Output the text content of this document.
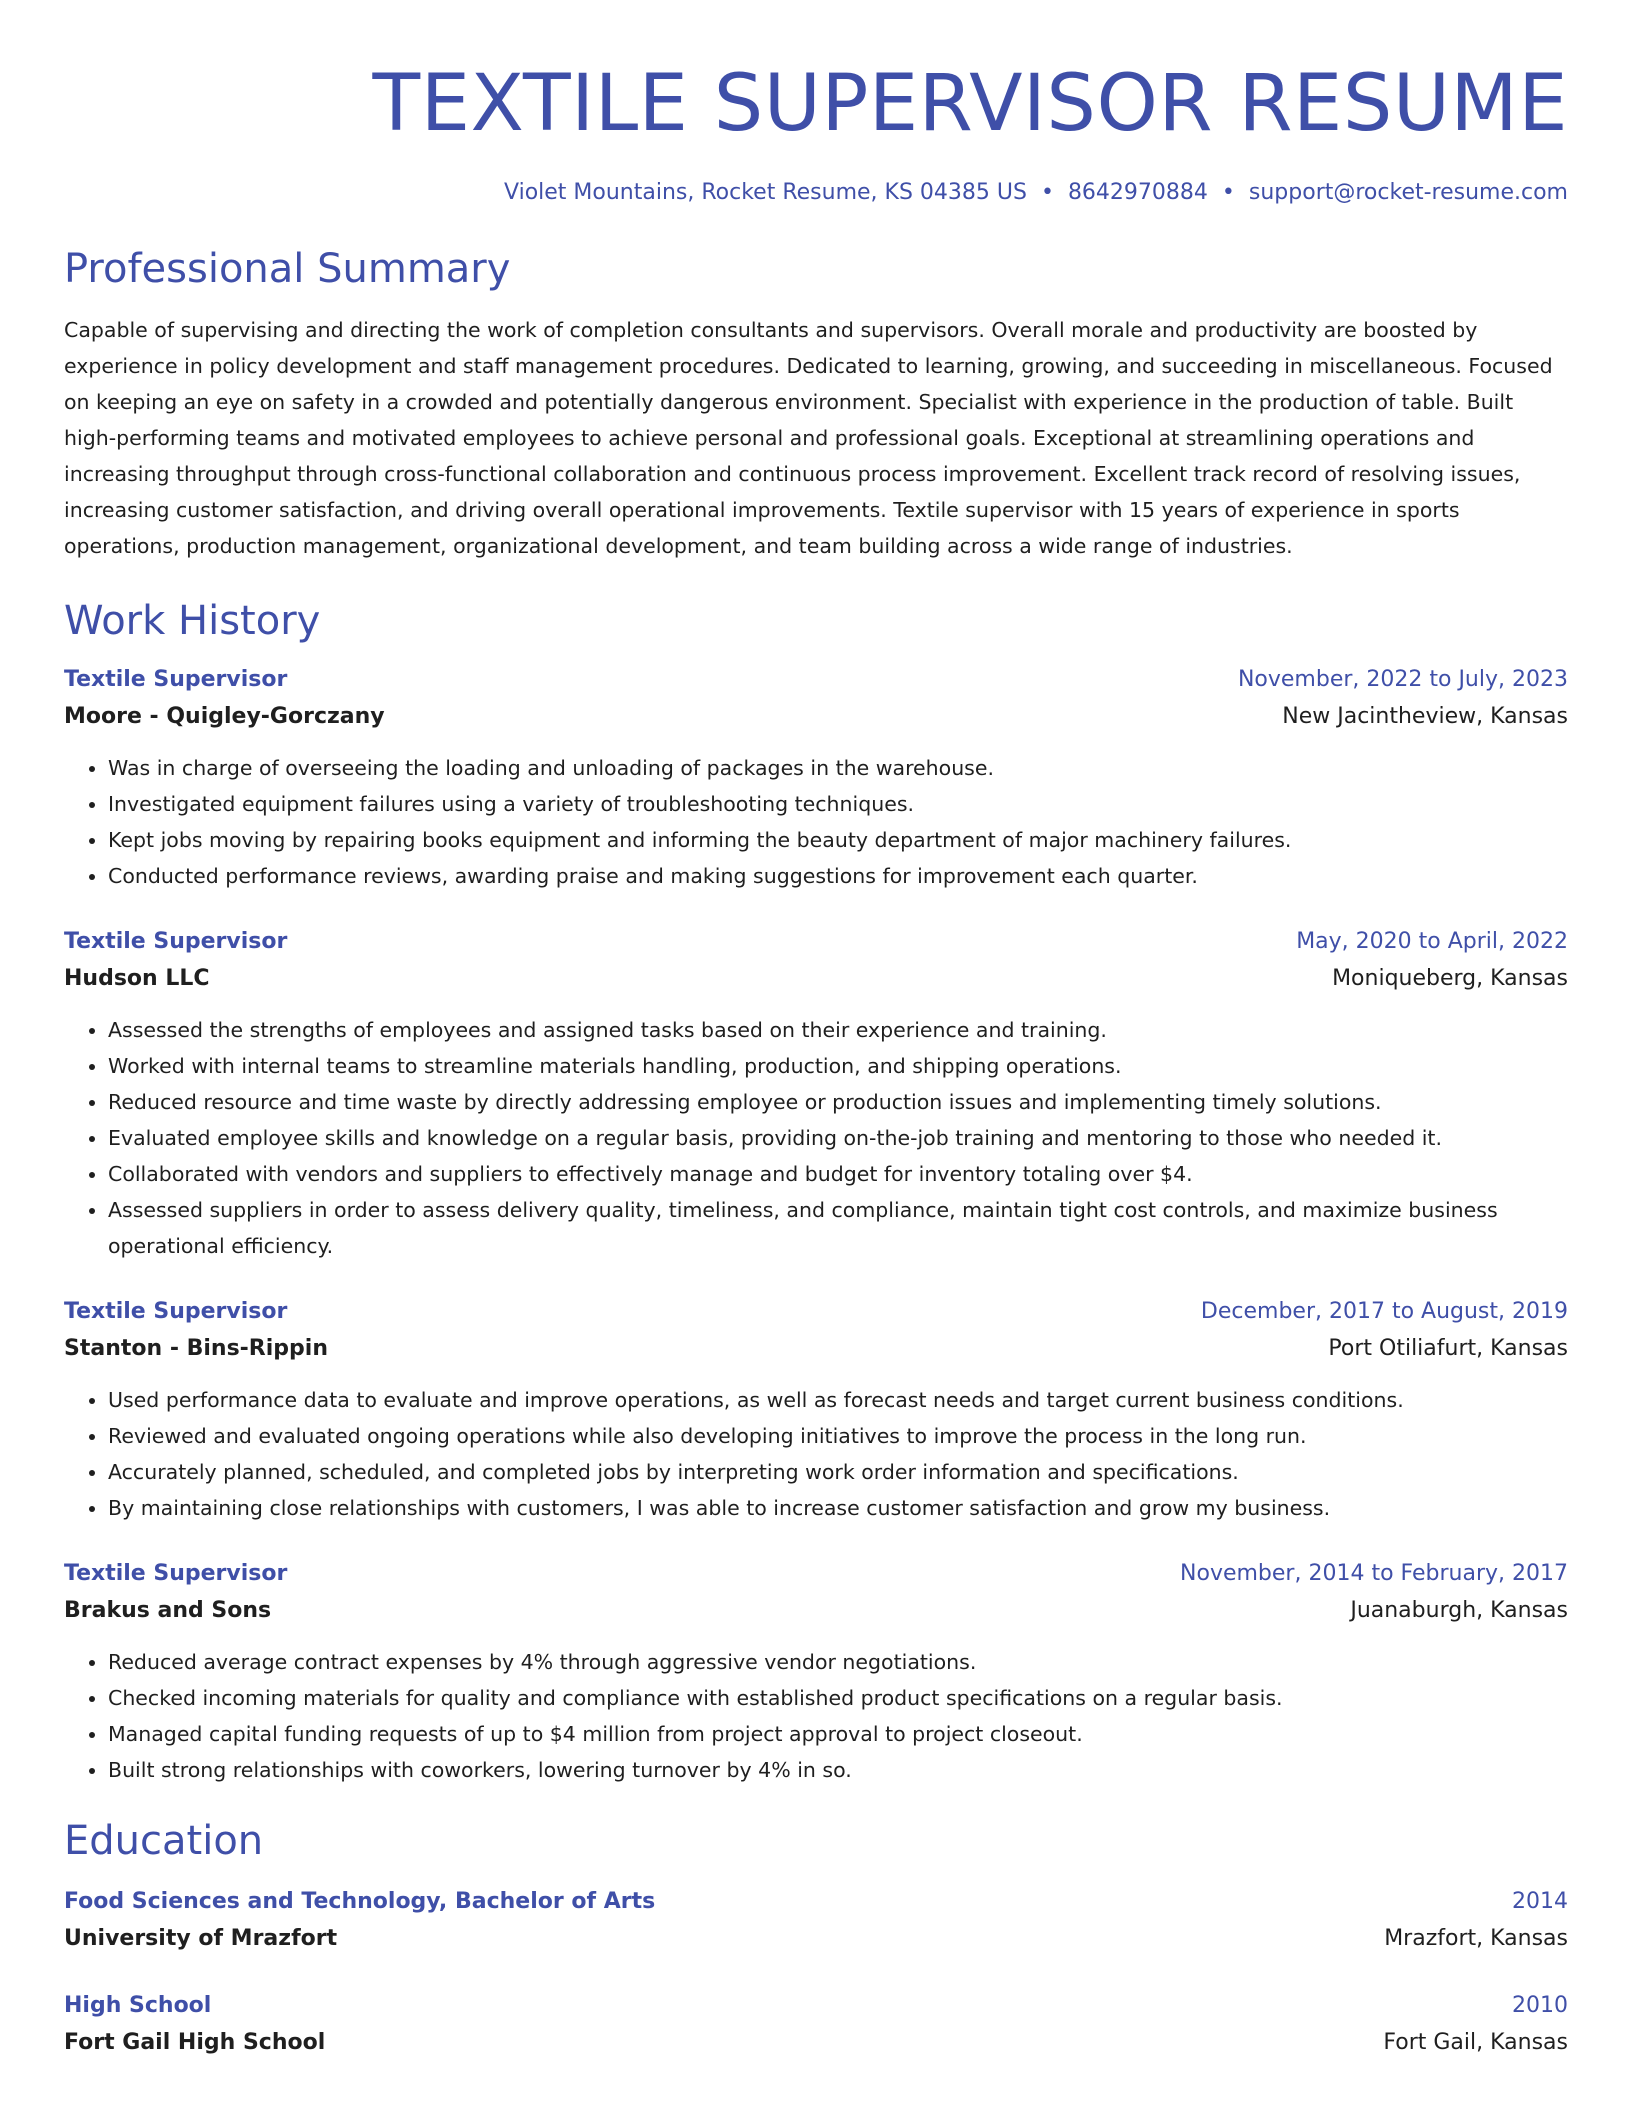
TEXTILE SUPERVISOR RESUME
Violet Mountains, Rocket Resume, KS 04385 US • 8642970884 • support@rocket-resume.com
Professional Summary

Capable of supervising and directing the work of completion consultants and supervisors. Overall morale and productivity are boosted by experience in policy development and staff management procedures. Dedicated to learning, growing, and succeeding in miscellaneous. Focused on keeping an eye on safety in a crowded and potentially dangerous environment. Specialist with experience in the production of table. Built high-performing teams and motivated employees to achieve personal and professional goals. Exceptional at streamlining operations and increasing throughput through cross-functional collaboration and continuous process improvement. Excellent track record of resolving issues, increasing customer satisfaction, and driving overall operational improvements. Textile supervisor with 15 years of experience in sports operations, production management, organizational development, and team building across a wide range of industries.

Work History
Textile Supervisor	November, 2022 to July, 2023
Moore - Quigley-Gorczany	New Jacintheview, Kansas
• Was in charge of overseeing the loading and unloading of packages in the warehouse.
• Investigated equipment failures using a variety of troubleshooting techniques.
• Kept jobs moving by repairing books equipment and informing the beauty department of major machinery failures.
• Conducted performance reviews, awarding praise and making suggestions for improvement each quarter.
Textile Supervisor	May, 2020 to April, 2022
Hudson LLC	Moniqueberg, Kansas
• Assessed the strengths of employees and assigned tasks based on their experience and training.
• Worked with internal teams to streamline materials handling, production, and shipping operations.
• Reduced resource and time waste by directly addressing employee or production issues and implementing timely solutions.
• Evaluated employee skills and knowledge on a regular basis, providing on-the-job training and mentoring to those who needed it.
• Collaborated with vendors and suppliers to effectively manage and budget for inventory totaling over $4.
• Assessed suppliers in order to assess delivery quality, timeliness, and compliance, maintain tight cost controls, and maximize business operational efficiency.
Textile Supervisor	December, 2017 to August, 2019
Stanton - Bins-Rippin	Port Otiliafurt, Kansas
• Used performance data to evaluate and improve operations, as well as forecast needs and target current business conditions.
• Reviewed and evaluated ongoing operations while also developing initiatives to improve the process in the long run.
• Accurately planned, scheduled, and completed jobs by interpreting work order information and specifications.
• By maintaining close relationships with customers, I was able to increase customer satisfaction and grow my business.
Textile Supervisor	November, 2014 to February, 2017
Brakus and Sons	Juanaburgh, Kansas
• Reduced average contract expenses by 4% through aggressive vendor negotiations.
• Checked incoming materials for quality and compliance with established product specifications on a regular basis.
• Managed capital funding requests of up to $4 million from project approval to project closeout.
• Built strong relationships with coworkers, lowering turnover by 4% in so.
Education
Food Sciences and Technology, Bachelor of Arts	2014
University of Mrazfort	Mrazfort, Kansas
High School	2010
Fort Gail High School	Fort Gail, Kansas
